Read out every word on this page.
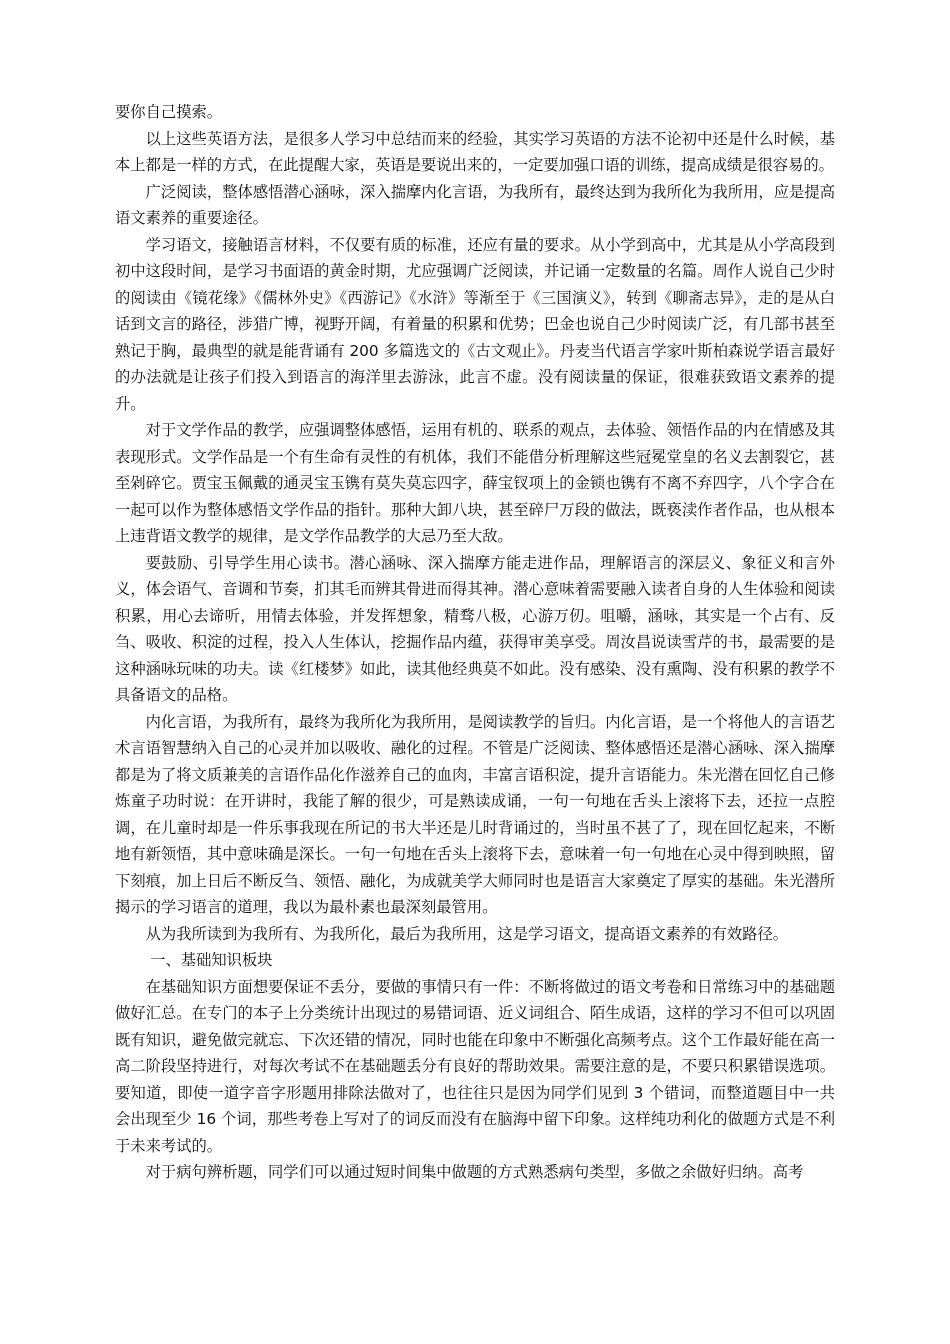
要你自己摸索。

以上这些英语方法，是很多人学习中总结而来的经验，其实学习英语的方法不论初中还是什么时候，基本上都是一样的方式，在此提醒大家，英语是要说出来的，一定要加强口语的训练，提高成绩是很容易的。

广泛阅读，整体感悟潜心涵咏，深入揣摩内化言语，为我所有，最终达到为我所化为我所用，应是提高语文素养的重要途径。

学习语文，接触语言材料，不仅要有质的标准，还应有量的要求。从小学到高中，尤其是从小学高段到初中这段时间，是学习书面语的黄金时期，尤应强调广泛阅读，并记诵一定数量的名篇。周作人说自己少时的阅读由《镜花缘》《儒林外史》《西游记》《水浒》等渐至于《三国演义》，转到《聊斋志异》，走的是从白话到文言的路径，涉猎广博，视野开阔，有着量的积累和优势；巴金也说自己少时阅读广泛，有几部书甚至熟记于胸，最典型的就是能背诵有 200 多篇选文的《古文观止》。丹麦当代语言学家叶斯柏森说学语言最好的办法就是让孩子们投入到语言的海洋里去游泳，此言不虚。没有阅读量的保证，很难获致语文素养的提升。

对于文学作品的教学，应强调整体感悟，运用有机的、联系的观点，去体验、领悟作品的内在情感及其表现形式。文学作品是一个有生命有灵性的有机体，我们不能借分析理解这些冠冕堂皇的名义去割裂它，甚至剁碎它。贾宝玉佩戴的通灵宝玉镌有莫失莫忘四字，薛宝钗项上的金锁也镌有不离不弃四字，八个字合在一起可以作为整体感悟文学作品的指针。那种大卸八块，甚至碎尸万段的做法，既亵渎作者作品，也从根本上违背语文教学的规律，是文学作品教学的大忌乃至大敌。

要鼓励、引导学生用心读书。潜心涵咏、深入揣摩方能走进作品，理解语言的深层义、象征义和言外义，体会语气、音调和节奏，扪其毛而辨其骨进而得其神。潜心意味着需要融入读者自身的人生体验和阅读积累，用心去谛听，用情去体验，并发挥想象，精骛八极，心游万仞。咀嚼，涵咏，其实是一个占有、反刍、吸收、积淀的过程，投入人生体认，挖掘作品内蕴，获得审美享受。周汝昌说读雪芹的书，最需要的是这种涵咏玩味的功夫。读《红楼梦》如此，读其他经典莫不如此。没有感染、没有熏陶、没有积累的教学不具备语文的品格。

内化言语，为我所有，最终为我所化为我所用，是阅读教学的旨归。内化言语，是一个将他人的言语艺术言语智慧纳入自己的心灵并加以吸收、融化的过程。不管是广泛阅读、整体感悟还是潜心涵咏、深入揣摩都是为了将文质兼美的言语作品化作滋养自己的血肉，丰富言语积淀，提升言语能力。朱光潜在回忆自己修炼童子功时说：在开讲时，我能了解的很少，可是熟读成诵，一句一句地在舌头上滚将下去，还拉一点腔调，在儿童时却是一件乐事我现在所记的书大半还是儿时背诵过的，当时虽不甚了了，现在回忆起来，不断地有新领悟，其中意味确是深长。一句一句地在舌头上滚将下去，意味着一句一句地在心灵中得到映照，留下刻痕，加上日后不断反刍、领悟、融化，为成就美学大师同时也是语言大家奠定了厚实的基础。朱光潜所揭示的学习语言的道理，我以为最朴素也最深刻最管用。

从为我所读到为我所有、为我所化，最后为我所用，这是学习语文，提高语文素养的有效路径。

一、基础知识板块

在基础知识方面想要保证不丢分，要做的事情只有一件：不断将做过的语文考卷和日常练习中的基础题做好汇总。在专门的本子上分类统计出现过的易错词语、近义词组合、陌生成语，这样的学习不但可以巩固既有知识，避免做完就忘、下次还错的情况，同时也能在印象中不断强化高频考点。这个工作最好能在高一高二阶段坚持进行，对每次考试不在基础题丢分有良好的帮助效果。需要注意的是，不要只积累错误选项。要知道，即使一道字音字形题用排除法做对了，也往往只是因为同学们见到 3 个错词，而整道题目中一共会出现至少 16 个词，那些考卷上写对了的词反而没有在脑海中留下印象。这样纯功利化的做题方式是不利于未来考试的。

对于病句辨析题，同学们可以通过短时间集中做题的方式熟悉病句类型，多做之余做好归纳。高考
